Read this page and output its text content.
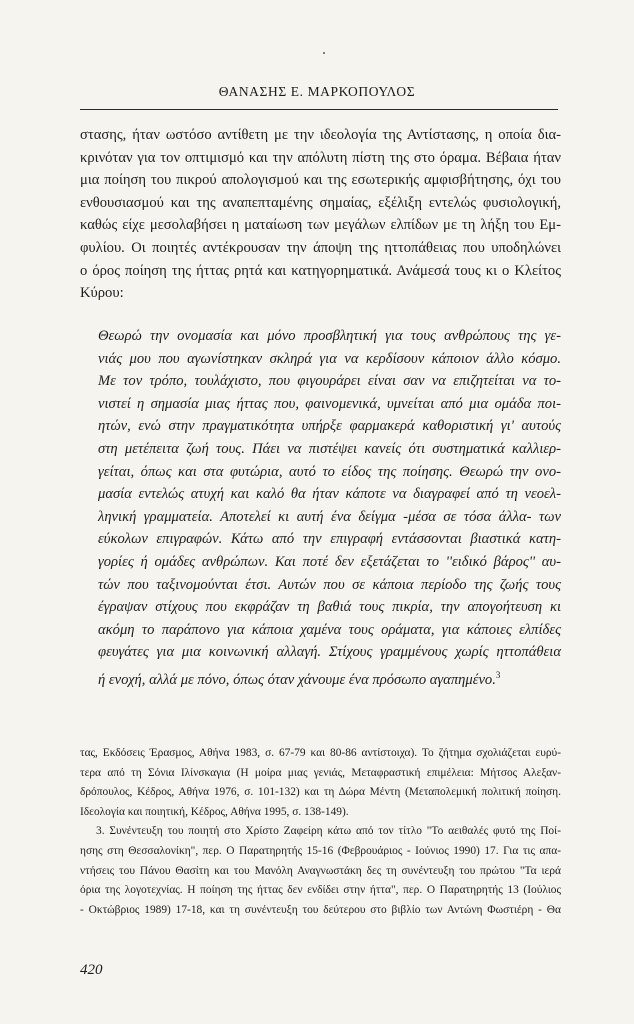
ΘΑΝΑΣΗΣ Ε. ΜΑΡΚΟΠΟΥΛΟΣ
στασης, ήταν ωστόσο αντίθετη με την ιδεολογία της Αντίστασης, η οποία δια-
κρινόταν για τον οπτιμισμό και την απόλυτη πίστη της στο όραμα. Βέβαια ήταν
μια ποίηση του πικρού απολογισμού και της εσωτερικής αμφισβήτησης, όχι του
ενθουσιασμού και της αναπεπταμένης σημαίας, εξέλιξη εντελώς φυσιολογική,
καθώς είχε μεσολαβήσει η ματαίωση των μεγάλων ελπίδων με τη λήξη του Εμ-
φυλίου. Οι ποιητές αντέκρουσαν την άποψη της ηττοπάθειας που υποδηλώνει
ο όρος ποίηση της ήττας ρητά και κατηγορηματικά. Ανάμεσά τους κι ο Κλείτος
Κύρου:
Θεωρώ την ονομασία και μόνο προσβλητική για τους ανθρώπους της γε-
νιάς μου που αγωνίστηκαν σκληρά για να κερδίσουν κάποιον άλλο κόσμο.
Με τον τρόπο, τουλάχιστο, που φιγουράρει είναι σαν να επιζητείται να το-
νιστεί η σημασία μιας ήττας που, φαινομενικά, υμνείται από μια ομάδα ποι-
ητών, ενώ στην πραγματικότητα υπήρξε φαρμακερά καθοριστική γι' αυτούς
στη μετέπειτα ζωή τους. Πάει να πιστέψει κανείς ότι συστηματικά καλλιερ-
γείται, όπως και στα φυτώρια, αυτό το είδος της ποίησης. Θεωρώ την ονο-
μασία εντελώς ατυχή και καλό θα ήταν κάποτε να διαγραφεί από τη νεοελ-
ληνική γραμματεία. Αποτελεί κι αυτή ένα δείγμα -μέσα σε τόσα άλλα- των
εύκολων επιγραφών. Κάτω από την επιγραφή εντάσσονται βιαστικά κατη-
γορίες ή ομάδες ανθρώπων. Και ποτέ δεν εξετάζεται το ''ειδικό βάρος'' αυ-
τών που ταξινομούνται έτσι. Αυτών που σε κάποια περίοδο της ζωής τους
έγραψαν στίχους που εκφράζαν τη βαθιά τους πικρία, την απογοήτευση κι
ακόμη το παράπονο για κάποια χαμένα τους οράματα, για κάποιες ελπίδες
φευγάτες για μια κοινωνική αλλαγή. Στίχους γραμμένους χωρίς ηττοπάθεια
ή ενοχή, αλλά με πόνο, όπως όταν χάνουμε ένα πρόσωπο αγαπημένο.$^3$
τας, Εκδόσεις Έρασμος, Αθήνα 1983, σ. 67-79 και 80-86 αντίστοιχα). Το ζήτημα σχολιάζεται ευρύ-
τερα από τη Σόνια Ιλίνσκαγια (Η μοίρα μιας γενιάς, Μεταφραστική επιμέλεια: Μήτσος Αλεξαν-
δρόπουλος, Κέδρος, Αθήνα 1976, σ. 101-132) και τη Δώρα Μέντη (Μεταπολεμική πολιτική ποίηση.
Ιδεολογία και ποιητική, Κέδρος, Αθήνα 1995, σ. 138-149).
3. Συνέντευξη του ποιητή στο Χρίστο Ζαφείρη κάτω από τον τίτλο "Το αειθαλές φυτό της Ποί-
ησης στη Θεσσαλονίκη", περ. Ο Παρατηρητής 15-16 (Φεβρουάριος - Ιούνιος 1990) 17. Για τις απα-
ντήσεις του Πάνου Θασίτη και του Μανόλη Αναγνωστάκη δες τη συνέντευξη του πρώτου "Τα ιερά
όρια της λογοτεχνίας. Η ποίηση της ήττας δεν ενδίδει στην ήττα", περ. Ο Παρατηρητής 13 (Ιούλιος
- Οκτώβριος 1989) 17-18, και τη συνέντευξη του δεύτερου στο βιβλίο των Αντώνη Φωστιέρη - Θα
420
